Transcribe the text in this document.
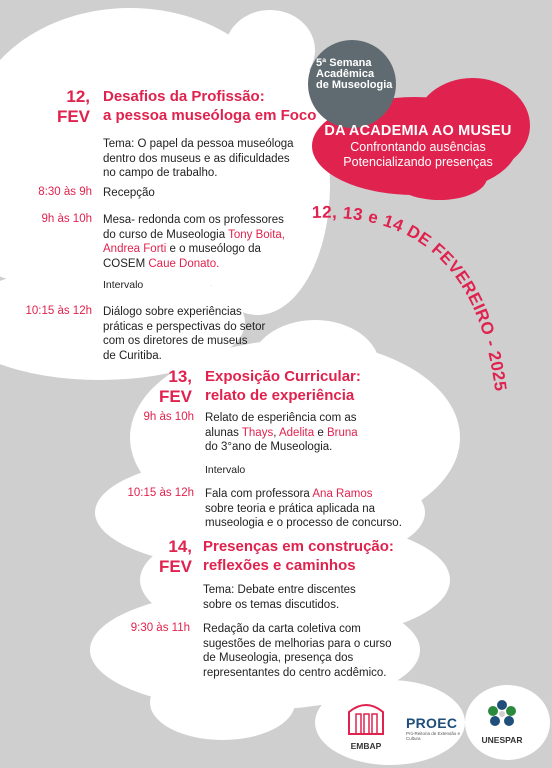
5ª Semana
Acadêmica
de Museologia
DA ACADEMIA AO MUSEU
Confrontando ausências
Potencializando presenças
12, 13 e 14 DE FEVEREIRO - 2025
12,
FEV
Desafios da Profissão:
a pessoa museóloga em Foco
Tema: O papel da pessoa museóloga
dentro dos museus e as dificuldades
no campo de trabalho.
8:30 às 9h Recepção
9h às 10h Mesa- redonda com os professores
do curso de Museologia Tony Boita,
Andrea Forti e o museólogo da
COSEM Caue Donato.
Intervalo
10:15 às 12h Diálogo sobre experiências
práticas e perspectivas do setor
com os diretores de museus
de Curitiba.
13,
FEV
Exposição Curricular:
relato de experiência
9h às 10h Relato de esperiência com as
alunas Thays, Adelita e Bruna
do 3°ano de Museologia.
Intervalo
10:15 às 12h Fala com professora Ana Ramos
sobre teoria e prática aplicada na
museologia e o processo de concurso.
14,
FEV
Presenças em construção:
reflexões e caminhos
Tema: Debate entre discentes
sobre os temas discutidos.
9:30 às 11h Redação da carta coletiva com
sugestões de melhorias para o curso
de Museologia, presença dos
representantes do centro acdêmico.
EMBAP
PROEC
Pró-Reitoria de Extensão e Cultura	UNESPAR
